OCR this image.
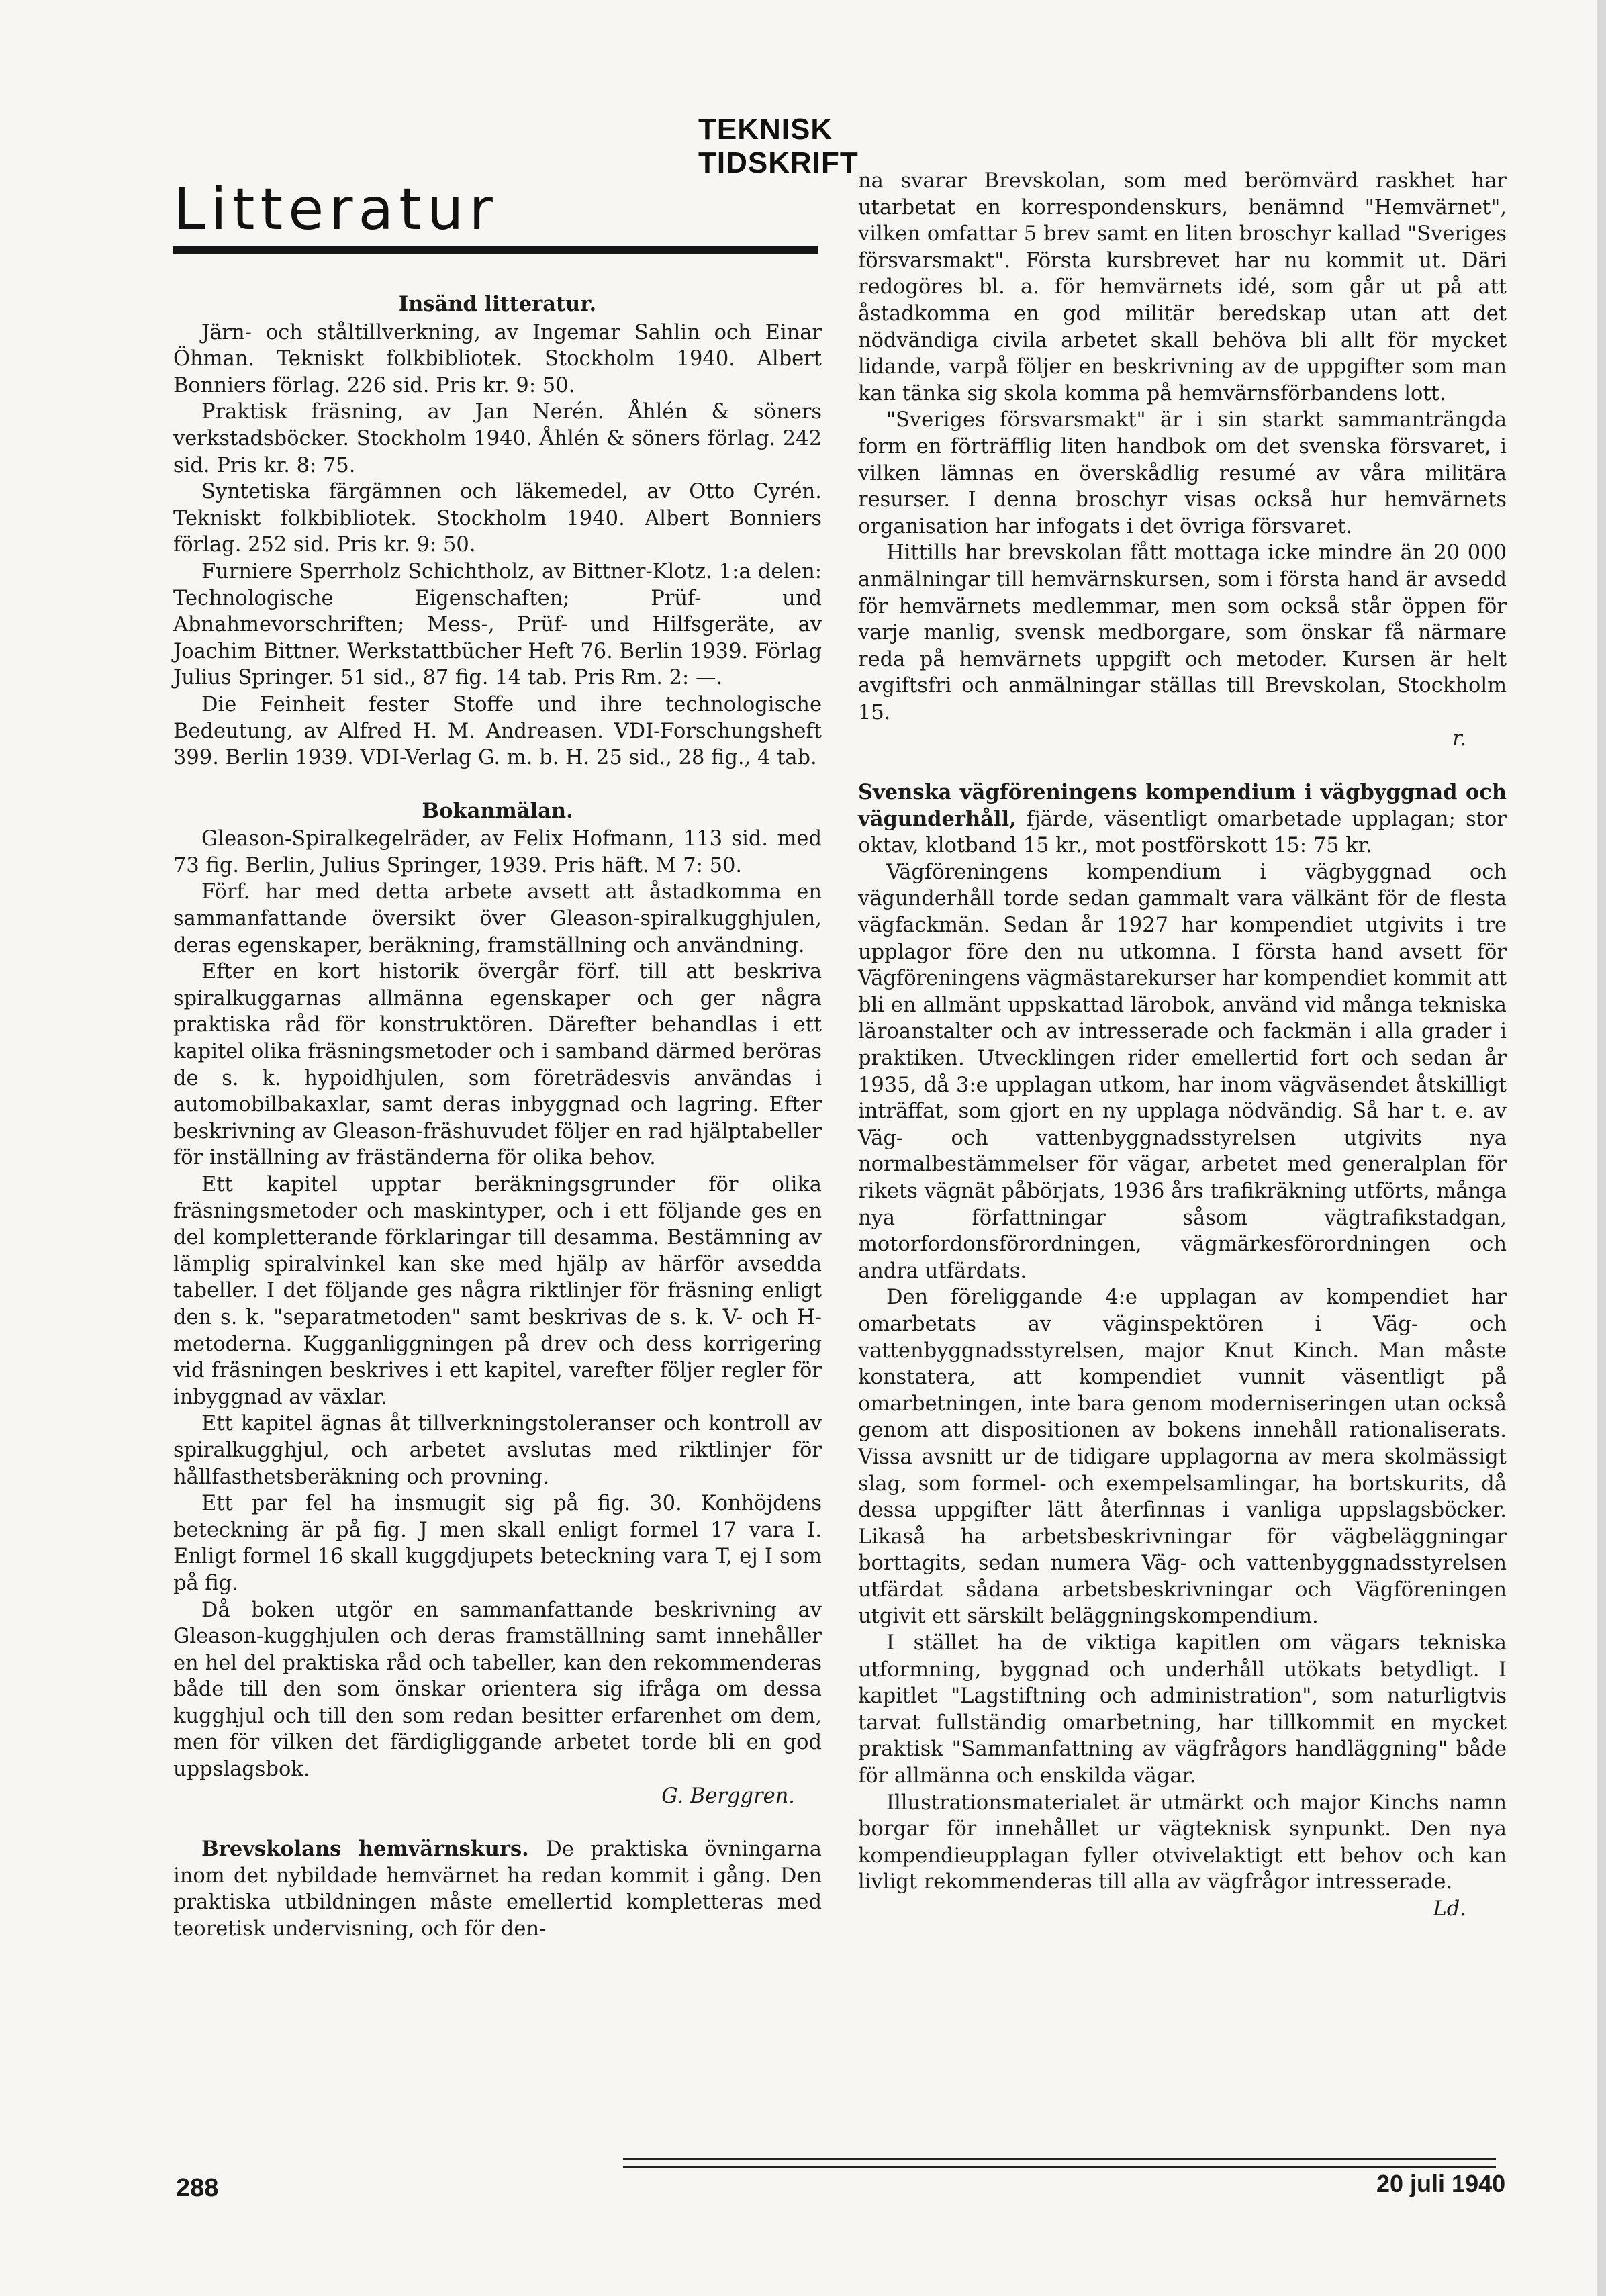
TEKNISK TIDSKRIFT
Litteratur

Insänd litteratur.

Järn- och ståltillverkning, av Ingemar Sahlin och Einar Öhman. Tekniskt folkbibliotek. Stockholm 1940. Albert Bonniers förlag. 226 sid. Pris kr. 9: 50.

Praktisk fräsning, av Jan Nerén. Åhlén & söners verkstadsböcker. Stockholm 1940. Åhlén & söners förlag. 242 sid. Pris kr. 8: 75.

Syntetiska färgämnen och läkemedel, av Otto Cyrén. Tekniskt folkbibliotek. Stockholm 1940. Albert Bonniers förlag. 252 sid. Pris kr. 9: 50.

Furniere Sperrholz Schichtholz, av Bittner-Klotz. 1:a delen: Technologische Eigenschaften; Prüf- und Abnahmevorschriften; Mess-, Prüf- und Hilfsgeräte, av Joachim Bittner. Werkstattbücher Heft 76. Berlin 1939. Förlag Julius Springer. 51 sid., 87 fig. 14 tab. Pris Rm. 2: —.

Die Feinheit fester Stoffe und ihre technologische Bedeutung, av Alfred H. M. Andreasen. VDI-Forschungsheft 399. Berlin 1939. VDI-Verlag G. m. b. H. 25 sid., 28 fig., 4 tab.

Bokanmälan.

Gleason-Spiralkegelräder, av Felix Hofmann, 113 sid. med 73 fig. Berlin, Julius Springer, 1939. Pris häft. M 7: 50.

Förf. har med detta arbete avsett att åstadkomma en sammanfattande översikt över Gleason-spiralkugghjulen, deras egenskaper, beräkning, framställning och användning.

Efter en kort historik övergår förf. till att beskriva spiralkuggarnas allmänna egenskaper och ger några praktiska råd för konstruktören. Därefter behandlas i ett kapitel olika fräsningsmetoder och i samband därmed beröras de s. k. hypoidhjulen, som företrädesvis användas i automobilbakaxlar, samt deras inbyggnad och lagring. Efter beskrivning av Gleason-fräshuvudet följer en rad hjälptabeller för inställning av fräständerna för olika behov.

Ett kapitel upptar beräkningsgrunder för olika fräsningsmetoder och maskintyper, och i ett följande ges en del kompletterande förklaringar till desamma. Bestämning av lämplig spiralvinkel kan ske med hjälp av härför avsedda tabeller. I det följande ges några riktlinjer för fräsning enligt den s. k. "separatmetoden" samt beskrivas de s. k. V- och H-metoderna. Kugganliggningen på drev och dess korrigering vid fräsningen beskrives i ett kapitel, varefter följer regler för inbyggnad av växlar.

Ett kapitel ägnas åt tillverkningstoleranser och kontroll av spiralkugghjul, och arbetet avslutas med riktlinjer för hållfasthetsberäkning och provning.

Ett par fel ha insmugit sig på fig. 30. Konhöjdens beteckning är på fig. J men skall enligt formel 17 vara I. Enligt formel 16 skall kuggdjupets beteckning vara T, ej I som på fig.

Då boken utgör en sammanfattande beskrivning av Gleason-kugghjulen och deras framställning samt innehåller en hel del praktiska råd och tabeller, kan den rekommenderas både till den som önskar orientera sig ifråga om dessa kugghjul och till den som redan besitter erfarenhet om dem, men för vilken det färdigliggande arbetet torde bli en god uppslagsbok.

G. Berggren.

Brevskolans hemvärnskurs. De praktiska övningarna inom det nybildade hemvärnet ha redan kommit i gång. Den praktiska utbildningen måste emellertid kompletteras med teoretisk undervisning, och för den-

na svarar Brevskolan, som med berömvärd raskhet har utarbetat en korrespondenskurs, benämnd "Hemvärnet", vilken omfattar 5 brev samt en liten broschyr kallad "Sveriges försvarsmakt". Första kursbrevet har nu kommit ut. Däri redogöres bl. a. för hemvärnets idé, som går ut på att åstadkomma en god militär beredskap utan att det nödvändiga civila arbetet skall behöva bli allt för mycket lidande, varpå följer en beskrivning av de uppgifter som man kan tänka sig skola komma på hemvärnsförbandens lott.

"Sveriges försvarsmakt" är i sin starkt sammanträngda form en förträfflig liten handbok om det svenska försvaret, i vilken lämnas en överskådlig resumé av våra militära resurser. I denna broschyr visas också hur hemvärnets organisation har infogats i det övriga försvaret.

Hittills har brevskolan fått mottaga icke mindre än 20 000 anmälningar till hemvärnskursen, som i första hand är avsedd för hemvärnets medlemmar, men som också står öppen för varje manlig, svensk medborgare, som önskar få närmare reda på hemvärnets uppgift och metoder. Kursen är helt avgiftsfri och anmälningar ställas till Brevskolan, Stockholm 15.

r.

Svenska vägföreningens kompendium i vägbyggnad och vägunderhåll, fjärde, väsentligt omarbetade upplagan; stor oktav, klotband 15 kr., mot postförskott 15: 75 kr.

Vägföreningens kompendium i vägbyggnad och vägunderhåll torde sedan gammalt vara välkänt för de flesta vägfackmän. Sedan år 1927 har kompendiet utgivits i tre upplagor före den nu utkomna. I första hand avsett för Vägföreningens vägmästarekurser har kompendiet kommit att bli en allmänt uppskattad lärobok, använd vid många tekniska läroanstalter och av intresserade och fackmän i alla grader i praktiken. Utvecklingen rider emellertid fort och sedan år 1935, då 3:e upplagan utkom, har inom vägväsendet åtskilligt inträffat, som gjort en ny upplaga nödvändig. Så har t. e. av Väg- och vattenbyggnadsstyrelsen utgivits nya normalbestämmelser för vägar, arbetet med generalplan för rikets vägnät påbörjats, 1936 års trafikräkning utförts, många nya författningar såsom vägtrafikstadgan, motorfordonsförordningen, vägmärkesförordningen och andra utfärdats.

Den föreliggande 4:e upplagan av kompendiet har omarbetats av väginspektören i Väg- och vattenbyggnadsstyrelsen, major Knut Kinch. Man måste konstatera, att kompendiet vunnit väsentligt på omarbetningen, inte bara genom moderniseringen utan också genom att dispositionen av bokens innehåll rationaliserats. Vissa avsnitt ur de tidigare upplagorna av mera skolmässigt slag, som formel- och exempelsamlingar, ha bortskurits, då dessa uppgifter lätt återfinnas i vanliga uppslagsböcker. Likaså ha arbetsbeskrivningar för vägbeläggningar borttagits, sedan numera Väg- och vattenbyggnadsstyrelsen utfärdat sådana arbetsbeskrivningar och Vägföreningen utgivit ett särskilt beläggningskompendium.

I stället ha de viktiga kapitlen om vägars tekniska utformning, byggnad och underhåll utökats betydligt. I kapitlet "Lagstiftning och administration", som naturligtvis tarvat fullständig omarbetning, har tillkommit en mycket praktisk "Sammanfattning av vägfrågors handläggning" både för allmänna och enskilda vägar.

Illustrationsmaterialet är utmärkt och major Kinchs namn borgar för innehållet ur vägteknisk synpunkt. Den nya kompendieupplagan fyller otvivelaktigt ett behov och kan livligt rekommenderas till alla av vägfrågor intresserade.

Ld.

288	20 juli 1940
